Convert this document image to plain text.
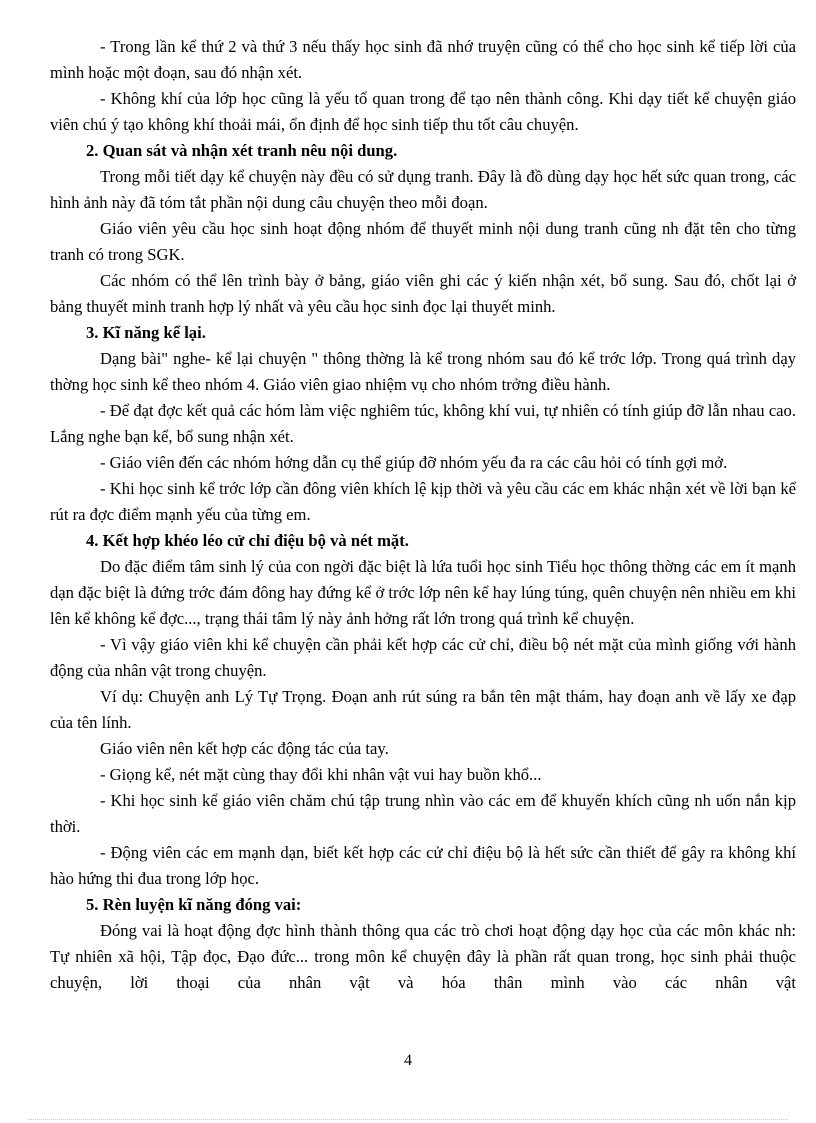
- Trong lần kể thứ 2 và thứ 3 nếu thấy học sinh đã nhớ truyện cũng có thể cho học sinh kể tiếp lời của mình hoặc một đoạn, sau đó nhận xét.

- Không khí của lớp học cũng là yếu tố quan trong để tạo nên thành công. Khi dạy tiết kể chuyện giáo viên chú ý tạo không khí thoải mái, ổn định để học sinh tiếp thu tốt câu chuyện.

2. Quan sát và nhận xét tranh nêu nội dung.

Trong mỗi tiết dạy kể chuyện này đều có sử dụng tranh. Đây là đồ dùng dạy học hết sức quan trong, các hình ảnh này đã tóm tắt phần nội dung câu chuyện theo mỗi đoạn.

Giáo viên yêu cầu học sinh hoạt động nhóm để thuyết minh nội dung tranh cũng nh đặt tên cho từng tranh có trong SGK.

Các nhóm có thể lên trình bày ở bảng, giáo viên ghi các ý kiến nhận xét, bổ sung. Sau đó, chốt lại ở bảng thuyết minh tranh hợp lý nhất và yêu cầu học sinh đọc lại thuyết minh.

3. Kĩ năng kể lại.

Dạng bài" nghe- kể lại chuyện " thông thờng là kể trong nhóm sau đó kể trớc lớp. Trong quá trình dạy thờng học sinh kể theo nhóm 4. Giáo viên giao nhiệm vụ cho nhóm trởng điều hành.

- Để đạt đợc kết quả các hóm làm việc nghiêm túc, không khí vui, tự nhiên có tính giúp đỡ lẫn nhau cao. Lắng nghe bạn kể, bổ sung nhận xét.

- Giáo viên đến các nhóm hớng dẫn cụ thể giúp đỡ nhóm yếu đa ra các câu hỏi có tính gợi mở.

- Khi học sinh kể trớc lớp cần đông viên khích lệ kịp thời và yêu cầu các em khác nhận xét về lời bạn kể rút ra đợc điểm mạnh yếu của từng em.

4. Kết hợp khéo léo cử chỉ điệu bộ và nét mặt.

Do đặc điểm tâm sinh lý của con ngời đặc biệt là lứa tuổi học sinh Tiểu học thông thờng các em ít mạnh dạn đặc biệt là đứng trớc đám đông hay đứng kể ở trớc lớp nên kể hay lúng túng, quên chuyện nên nhiều em khi lên kể không kể đợc..., trạng thái tâm lý này ảnh hởng rất lớn trong quá trình kể chuyện.

- Vì vậy giáo viên khi kể chuyện cần phải kết hợp các cử chỉ, điều bộ nét mặt của mình giống với hành động của nhân vật trong chuyện.

Ví dụ: Chuyện anh Lý Tự Trọng. Đoạn anh rút súng ra bắn tên mật thám, hay đoạn anh về lấy xe đạp của tên lính.

Giáo viên nên kết hợp các động tác của tay.

- Giọng kể, nét mặt cùng thay đổi khi nhân vật vui hay buồn khổ...

- Khi học sinh kể giáo viên chăm chú tập trung nhìn vào các em để khuyến khích cũng nh uốn nắn kịp thời.

- Động viên các em mạnh dạn, biết kết hợp các cử chỉ điệu bộ là hết sức cần thiết để gây ra không khí hào hứng thi đua trong lớp học.

5. Rèn luyện kĩ năng đóng vai:

Đóng vai là hoạt động đợc hình thành thông qua các trò chơi hoạt động dạy học của các môn khác nh: Tự nhiên xã hội, Tập đọc, Đạo đức... trong môn kể chuyện đây là phần rất quan trong, học sinh phải thuộc chuyện, lời thoại của nhân vật và hóa thân mình vào các nhân vật

4
